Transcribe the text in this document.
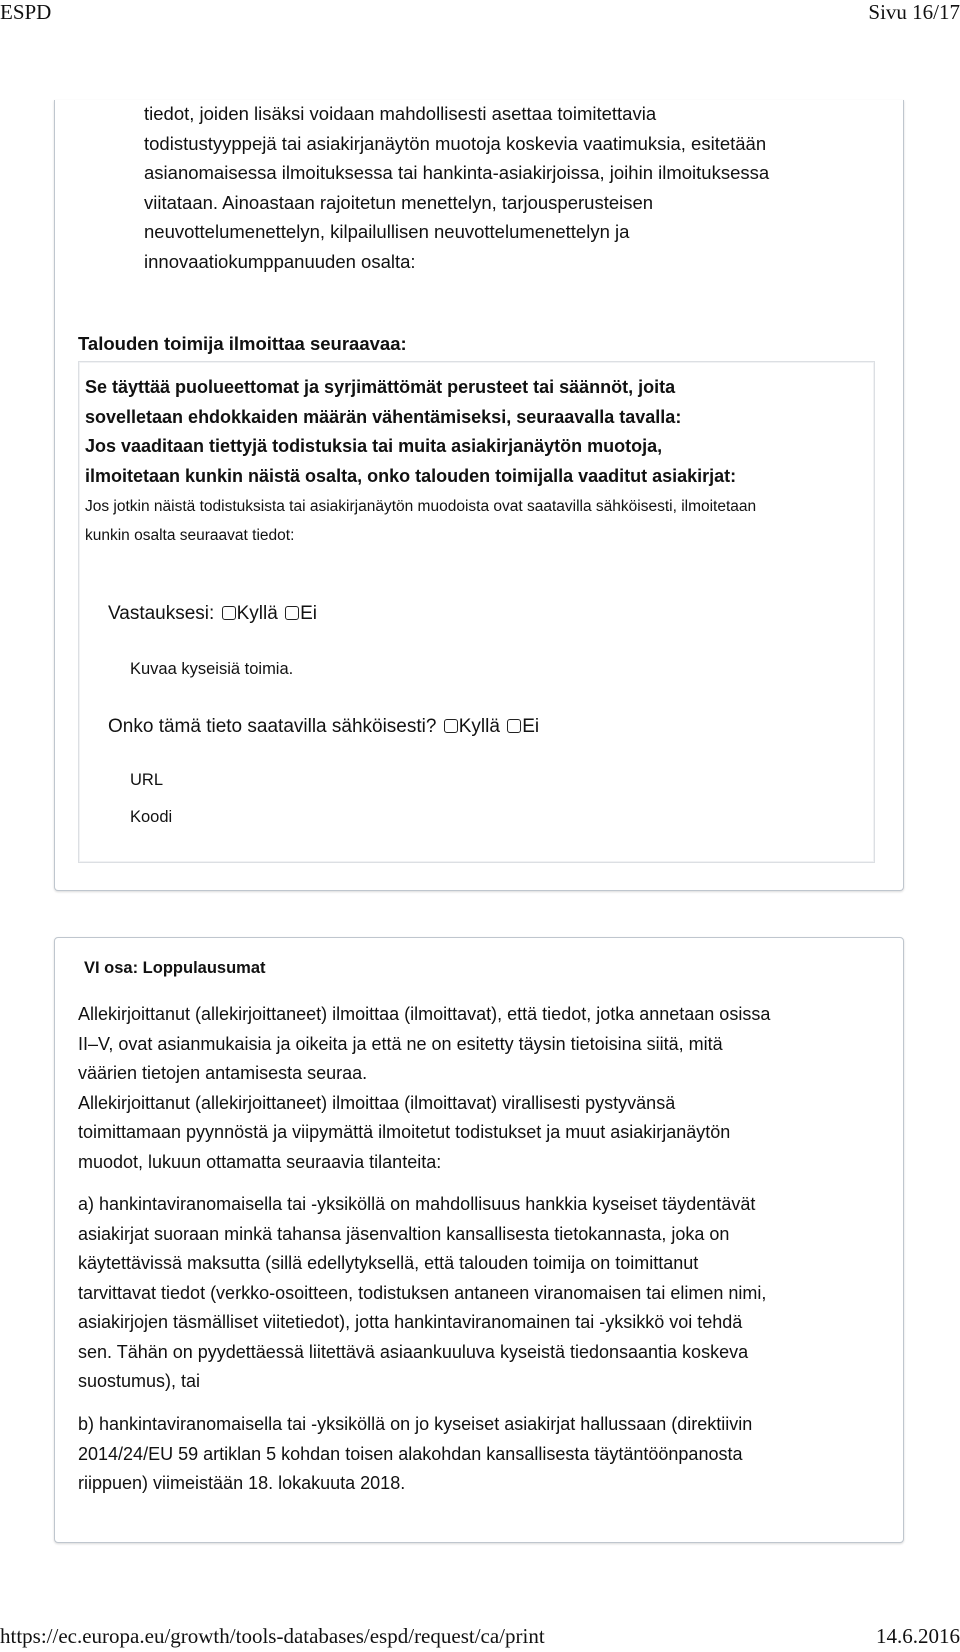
ESPD	Sivu 16/17
tiedot, joiden lisäksi voidaan mahdollisesti asettaa toimitettavia
todistustyyppejä tai asiakirjanäytön muotoja koskevia vaatimuksia, esitetään
asianomaisessa ilmoituksessa tai hankinta-asiakirjoissa, joihin ilmoituksessa
viitataan. Ainoastaan rajoitetun menettelyn, tarjousperusteisen
neuvottelumenettelyn, kilpailullisen neuvottelumenettelyn ja
innovaatiokumppanuuden osalta:
Talouden toimija ilmoittaa seuraavaa:
Se täyttää puolueettomat ja syrjimättömät perusteet tai säännöt, joita
sovelletaan ehdokkaiden määrän vähentämiseksi, seuraavalla tavalla:
Jos vaaditaan tiettyjä todistuksia tai muita asiakirjanäytön muotoja,
ilmoitetaan kunkin näistä osalta, onko talouden toimijalla vaaditut asiakirjat:
Jos jotkin näistä todistuksista tai asiakirjanäytön muodoista ovat saatavilla sähköisesti, ilmoitetaan
kunkin osalta seuraavat tiedot:
Vastauksesi: Kyllä Ei
Kuvaa kyseisiä toimia.
Onko tämä tieto saatavilla sähköisesti? Kyllä Ei
URL
Koodi
VI osa: Loppulausumat
Allekirjoittanut (allekirjoittaneet) ilmoittaa (ilmoittavat), että tiedot, jotka annetaan osissa
II–V, ovat asianmukaisia ja oikeita ja että ne on esitetty täysin tietoisina siitä, mitä
väärien tietojen antamisesta seuraa.
Allekirjoittanut (allekirjoittaneet) ilmoittaa (ilmoittavat) virallisesti pystyvänsä
toimittamaan pyynnöstä ja viipymättä ilmoitetut todistukset ja muut asiakirjanäytön
muodot, lukuun ottamatta seuraavia tilanteita:
a) hankintaviranomaisella tai -yksiköllä on mahdollisuus hankkia kyseiset täydentävät
asiakirjat suoraan minkä tahansa jäsenvaltion kansallisesta tietokannasta, joka on
käytettävissä maksutta (sillä edellytyksellä, että talouden toimija on toimittanut
tarvittavat tiedot (verkko-osoitteen, todistuksen antaneen viranomaisen tai elimen nimi,
asiakirjojen täsmälliset viitetiedot), jotta hankintaviranomainen tai -yksikkö voi tehdä
sen. Tähän on pyydettäessä liitettävä asiaankuuluva kyseistä tiedonsaantia koskeva
suostumus), tai
b) hankintaviranomaisella tai -yksiköllä on jo kyseiset asiakirjat hallussaan (direktiivin
2014/24/EU 59 artiklan 5 kohdan toisen alakohdan kansallisesta täytäntöönpanosta
riippuen) viimeistään 18. lokakuuta 2018.
https://ec.europa.eu/growth/tools-databases/espd/request/ca/print	14.6.2016
